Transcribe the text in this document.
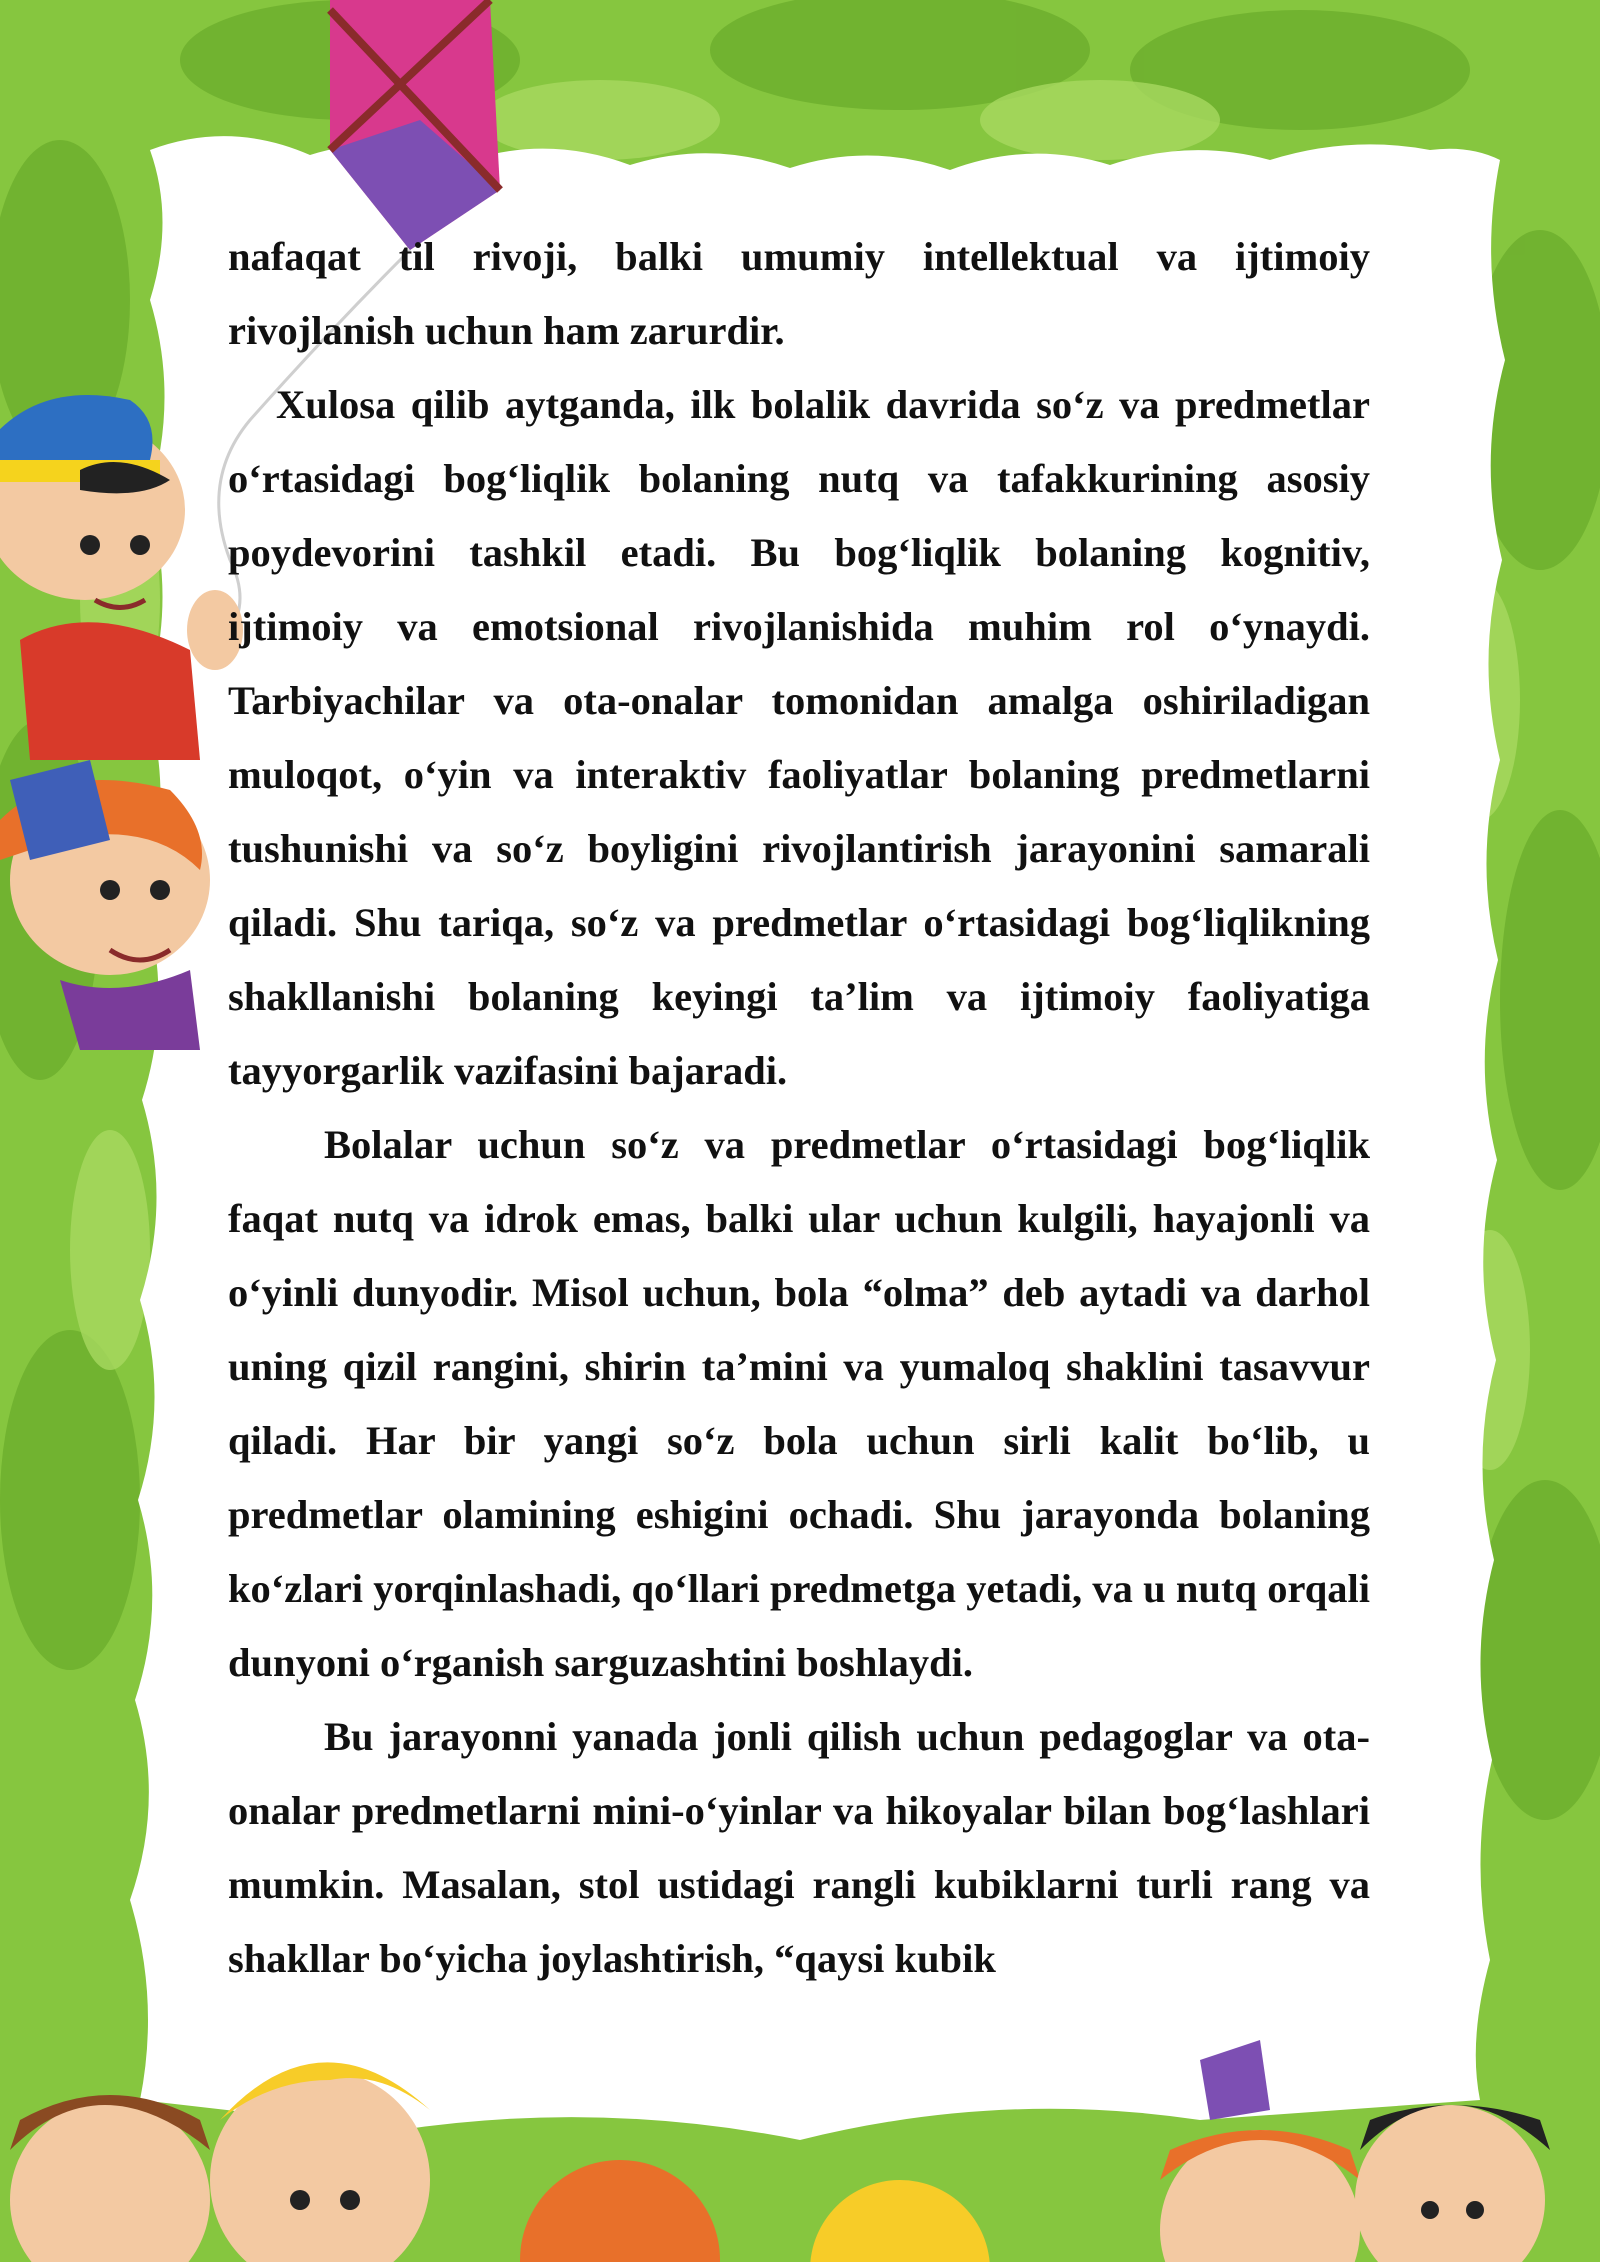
nafaqat til rivoji, balki umumiy intellektual va ijtimoiy rivojlanish uchun ham zarurdir.

Xulosa qilib aytganda, ilk bolalik davrida so‘z va predmetlar o‘rtasidagi bog‘liqlik bolaning nutq va tafakkurining asosiy poydevorini tashkil etadi. Bu bog‘liqlik bolaning kognitiv, ijtimoiy va emotsional rivojlanishida muhim rol o‘ynaydi. Tarbiyachilar va ota-onalar tomonidan amalga oshiriladigan muloqot, o‘yin va interaktiv faoliyatlar bolaning predmetlarni tushunishi va so‘z boyligini rivojlantirish jarayonini samarali qiladi. Shu tariqa, so‘z va predmetlar o‘rtasidagi bog‘liqlikning shakllanishi bolaning keyingi ta’lim va ijtimoiy faoliyatiga tayyorgarlik vazifasini bajaradi.

Bolalar uchun so‘z va predmetlar o‘rtasidagi bog‘liqlik faqat nutq va idrok emas, balki ular uchun kulgili, hayajonli va o‘yinli dunyodir. Misol uchun, bola “olma” deb aytadi va darhol uning qizil rangini, shirin ta’mini va yumaloq shaklini tasavvur qiladi. Har bir yangi so‘z bola uchun sirli kalit bo‘lib, u predmetlar olamining eshigini ochadi. Shu jarayonda bolaning ko‘zlari yorqinlashadi, qo‘llari predmetga yetadi, va u nutq orqali dunyoni o‘rganish sarguzashtini boshlaydi.

Bu jarayonni yanada jonli qilish uchun pedagoglar va ota-onalar predmetlarni mini-o‘yinlar va hikoyalar bilan bog‘lashlari mumkin. Masalan, stol ustidagi rangli kubiklarni turli rang va shakllar bo‘yicha joylashtirish, “qaysi kubik
